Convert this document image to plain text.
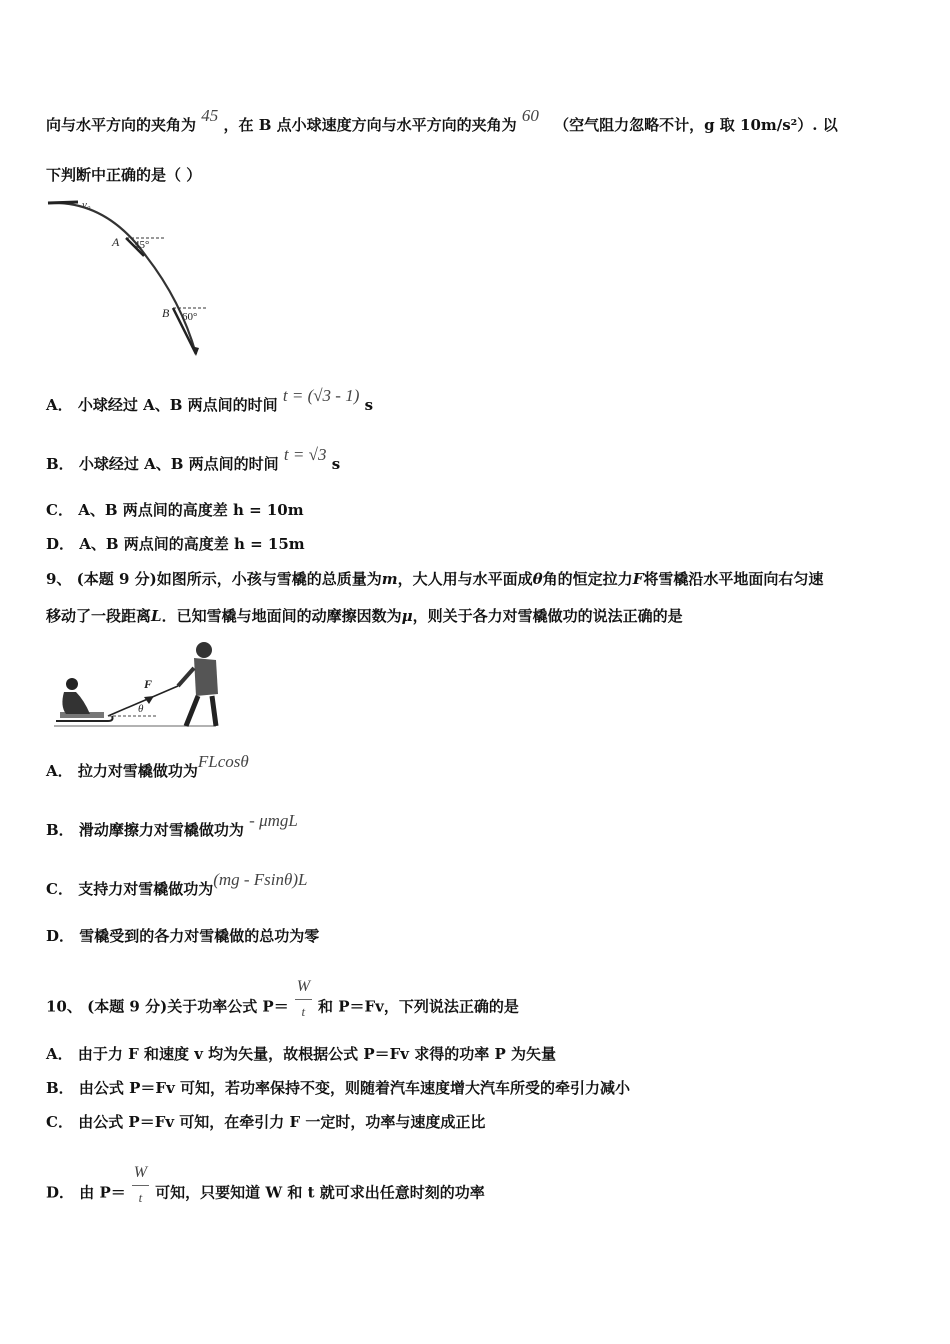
向与水平方向的夹角为 45 ，在 B 点小球速度方向与水平方向的夹角为 60 （空气阻力忽略不计，g 取 10m/s²）. 以
下判断中正确的是（ ）
v₀
A 45°
B 60°
A． 小球经过 A、B 两点间的时间 t = (√3 - 1) s
B． 小球经过 A、B 两点间的时间 t = √3 s
C． A、B 两点间的高度差 h = 10m
D． A、B 两点间的高度差 h = 15m
9、 (本题 9 分)如图所示，小孩与雪橇的总质量为m，大人用与水平面成θ角的恒定拉力F将雪橇沿水平地面向右匀速
移动了一段距离L．已知雪橇与地面间的动摩擦因数为μ，则关于各力对雪橇做功的说法正确的是
F
θ
A． 拉力对雪橇做功为FLcosθ
B． 滑动摩擦力对雪橇做功为 - μmgL
C． 支持力对雪橇做功为(mg - Fsinθ)L
D． 雪橇受到的各力对雪橇做的总功为零
10、 (本题 9 分)关于功率公式 $P= \frac{W}{t}$ 和 P＝Fv，下列说法正确的是
A． 由于力 F 和速度 v 均为矢量，故根据公式 P＝Fv 求得的功率 P 为矢量
B． 由公式 P＝Fv 可知，若功率保持不变，则随着汽车速度增大汽车所受的牵引力减小
C． 由公式 P＝Fv 可知，在牵引力 F 一定时，功率与速度成正比
D． 由 $P= \frac{W}{t}$ 可知，只要知道 W 和 t 就可求出任意时刻的功率
